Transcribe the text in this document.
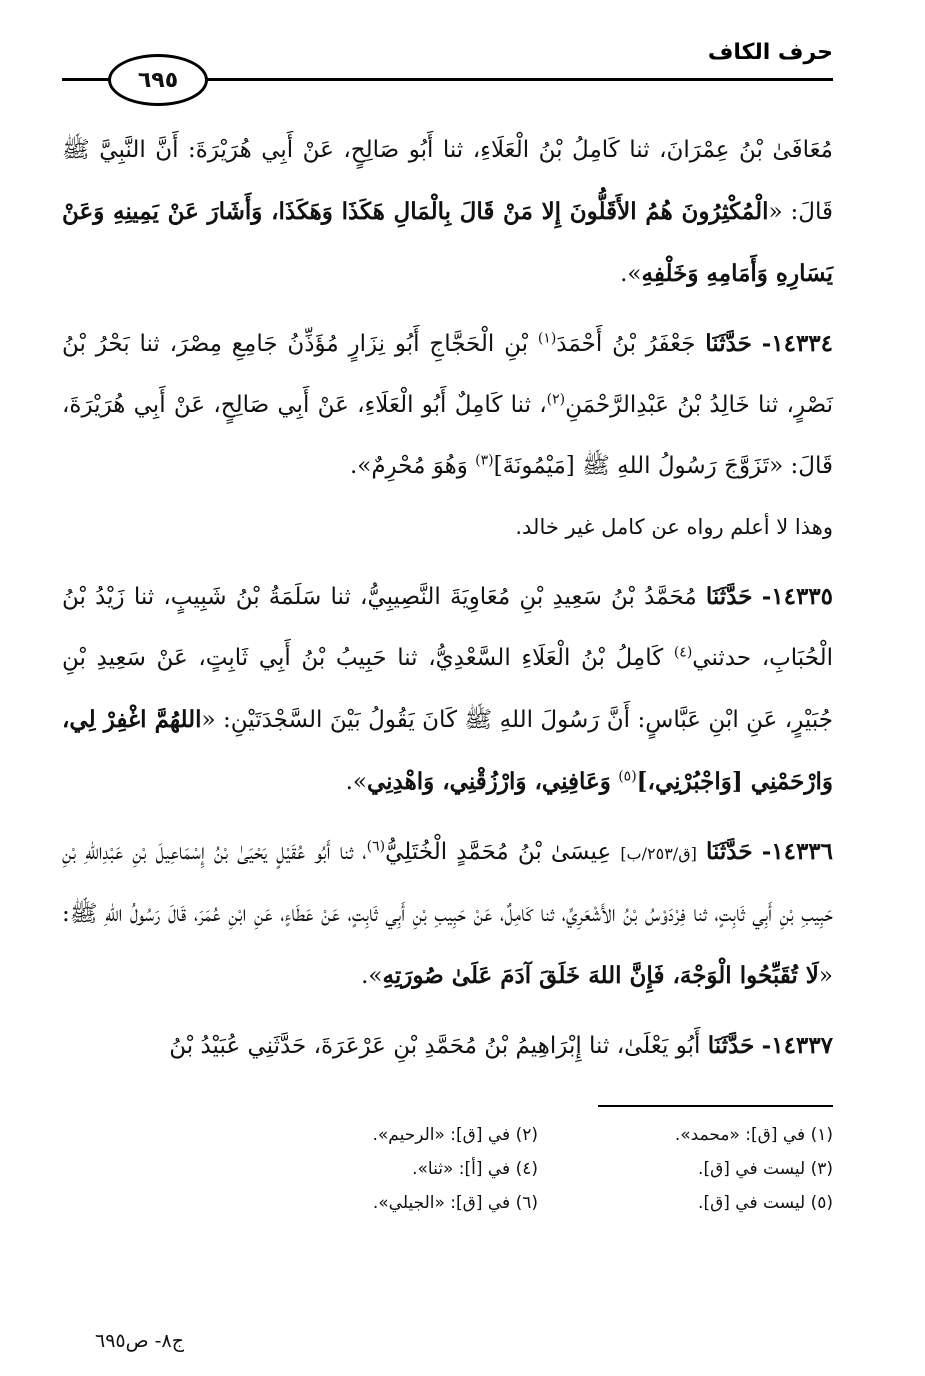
حرف الكاف
٦٩٥

مُعَافَىٰ بْنُ عِمْرَانَ، ثنا كَامِلُ بْنُ الْعَلَاءِ، ثنا أَبُو صَالِحٍ، عَنْ أَبِي هُرَيْرَةَ: أَنَّ النَّبِيَّ ﷺ قَالَ: «الْمُكْثِرُونَ هُمُ الأَقَلُّونَ إِلا مَنْ قَالَ بِالْمَالِ هَكَذَا وَهَكَذَا، وَأَشَارَ عَنْ يَمِينِهِ وَعَنْ يَسَارِهِ وَأَمَامِهِ وَخَلْفِهِ».

١٤٣٣٤- حَدَّثَنَا جَعْفَرُ بْنُ أَحْمَدَ$^{(١)}$ بْنِ الْحَجَّاجِ أَبُو نِزَارٍ مُؤَذِّنُ جَامِعِ مِصْرَ، ثنا بَحْرُ بْنُ نَصْرٍ، ثنا خَالِدُ بْنُ عَبْدِالرَّحْمَنِ$^{(٢)}$، ثنا كَامِلٌ أَبُو الْعَلَاءِ، عَنْ أَبِي صَالِحٍ، عَنْ أَبِي هُرَيْرَةَ، قَالَ: «تَزَوَّجَ رَسُولُ اللهِ ﷺ [مَيْمُونَةَ]$^{(٣)}$ وَهُوَ مُحْرِمٌ».

وهذا لا أعلم رواه عن كامل غير خالد.

١٤٣٣٥- حَدَّثَنَا مُحَمَّدُ بْنُ سَعِيدِ بْنِ مُعَاوِيَةَ النَّصِيبِيُّ، ثنا سَلَمَةُ بْنُ شَبِيبٍ، ثنا زَيْدُ بْنُ الْحُبَابِ، حدثني$^{(٤)}$ كَامِلُ بْنُ الْعَلَاءِ السَّعْدِيُّ، ثنا حَبِيبُ بْنُ أَبِي ثَابِتٍ، عَنْ سَعِيدِ بْنِ جُبَيْرٍ، عَنِ ابْنِ عَبَّاسٍ: أَنَّ رَسُولَ اللهِ ﷺ كَانَ يَقُولُ بَيْنَ السَّجْدَتَيْنِ: «اللهُمَّ اغْفِرْ لِي، وَارْحَمْنِي [وَاجْبُرْنِي،]$^{(٥)}$ وَعَافِنِي، وَارْزُقْنِي، وَاهْدِنِي».

١٤٣٣٦- حَدَّثَنَا [ق/٢٥٣/ب] عِيسَىٰ بْنُ مُحَمَّدٍ الْخُتَلِيُّ$^{(٦)}$، ثنا أَبُو عُقَيْلٍ يَحْيَىٰ بْنُ إِسْمَاعِيلَ بْنِ عَبْدِاللهِ بْنِ حَبِيبِ بْنِ أَبِي ثَابِتٍ، ثنا فِرْدَوْسُ بْنُ الأَشْعَرِيِّ، ثنا كَامِلٌ، عَنْ حَبِيبِ بْنِ أَبِي ثَابِتٍ، عَنْ عَطَاءٍ، عَنِ ابْنِ عُمَرَ، قَالَ رَسُولُ اللهِ ﷺ: «لَا تُقَبِّحُوا الْوَجْهَ، فَإِنَّ اللهَ خَلَقَ آدَمَ عَلَىٰ صُورَتِهِ».

١٤٣٣٧- حَدَّثَنَا أَبُو يَعْلَىٰ، ثنا إِبْرَاهِيمُ بْنُ مُحَمَّدِ بْنِ عَرْعَرَةَ، حَدَّثَنِي عُبَيْدُ بْنُ

(١) في [ق]: «محمد».
(٢) في [ق]: «الرحيم».
(٣) ليست في [ق].
(٤) في [أ]: «ثنا».
(٥) ليست في [ق].
(٦) في [ق]: «الجيلي».
ج٨- ص٦٩٥
